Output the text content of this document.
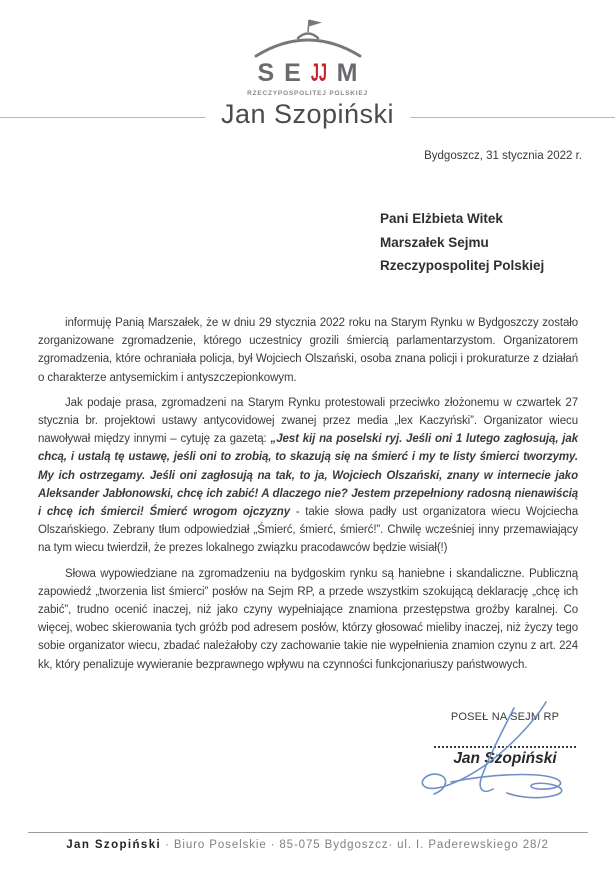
S E J J M
RZECZYPOSPOLITEJ POLSKIEJ
Jan Szopiński
Bydgoszcz, 31 stycznia 2022 r.
Pani Elżbieta Witek
Marszałek Sejmu
Rzeczypospolitej Polskiej

informuję Panią Marszałek, że w dniu 29 stycznia 2022 roku na Starym Rynku w Bydgoszczy zostało zorganizowane zgromadzenie, którego uczestnicy grozili śmiercią parlamentarzystom. Organizatorem zgromadzenia, które ochraniała policja, był Wojciech Olszański, osoba znana policji i prokuraturze z działań o charakterze antysemickim i antyszczepionkowym.

Jak podaje prasa, zgromadzeni na Starym Rynku protestowali przeciwko złożonemu w czwartek 27 stycznia br. projektowi ustawy antycovidowej zwanej przez media „lex Kaczyński”. Organizator wiecu nawoływał między innymi – cytuję za gazetą: „Jest kij na poselski ryj. Jeśli oni 1 lutego zagłosują, jak chcą, i ustalą tę ustawę, jeśli oni to zrobią, to skazują się na śmierć i my te listy śmierci tworzymy. My ich ostrzegamy. Jeśli oni zagłosują na tak, to ja, Wojciech Olszański, znany w internecie jako Aleksander Jabłonowski, chcę ich zabić! A dlaczego nie? Jestem przepełniony radosną nienawiścią i chcę ich śmierci! Śmierć wrogom ojczyzny - takie słowa padły ust organizatora wiecu Wojciecha Olszańskiego. Zebrany tłum odpowiedział „Śmierć, śmierć, śmierć!”. Chwilę wcześniej inny przemawiający na tym wiecu twierdził, że prezes lokalnego związku pracodawców będzie wisiał(!)

Słowa wypowiedziane na zgromadzeniu na bydgoskim rynku są haniebne i skandaliczne. Publiczną zapowiedź „tworzenia list śmierci” posłów na Sejm RP, a przede wszystkim szokującą deklarację „chcę ich zabić”, trudno ocenić inaczej, niż jako czyny wypełniające znamiona przestępstwa groźby karalnej. Co więcej, wobec skierowania tych gróźb pod adresem posłów, którzy głosować mieliby inaczej, niż życzy tego sobie organizator wiecu, zbadać należałoby czy zachowanie takie nie wypełnienia znamion czynu z art. 224 kk, który penalizuje wywieranie bezprawnego wpływu na czynności funkcjonariuszy państwowych.

POSEŁ NA SEJM RP
Jan Szopiński
Jan Szopiński · Biuro Poselskie · 85-075 Bydgoszcz· ul. I. Paderewskiego 28/2
